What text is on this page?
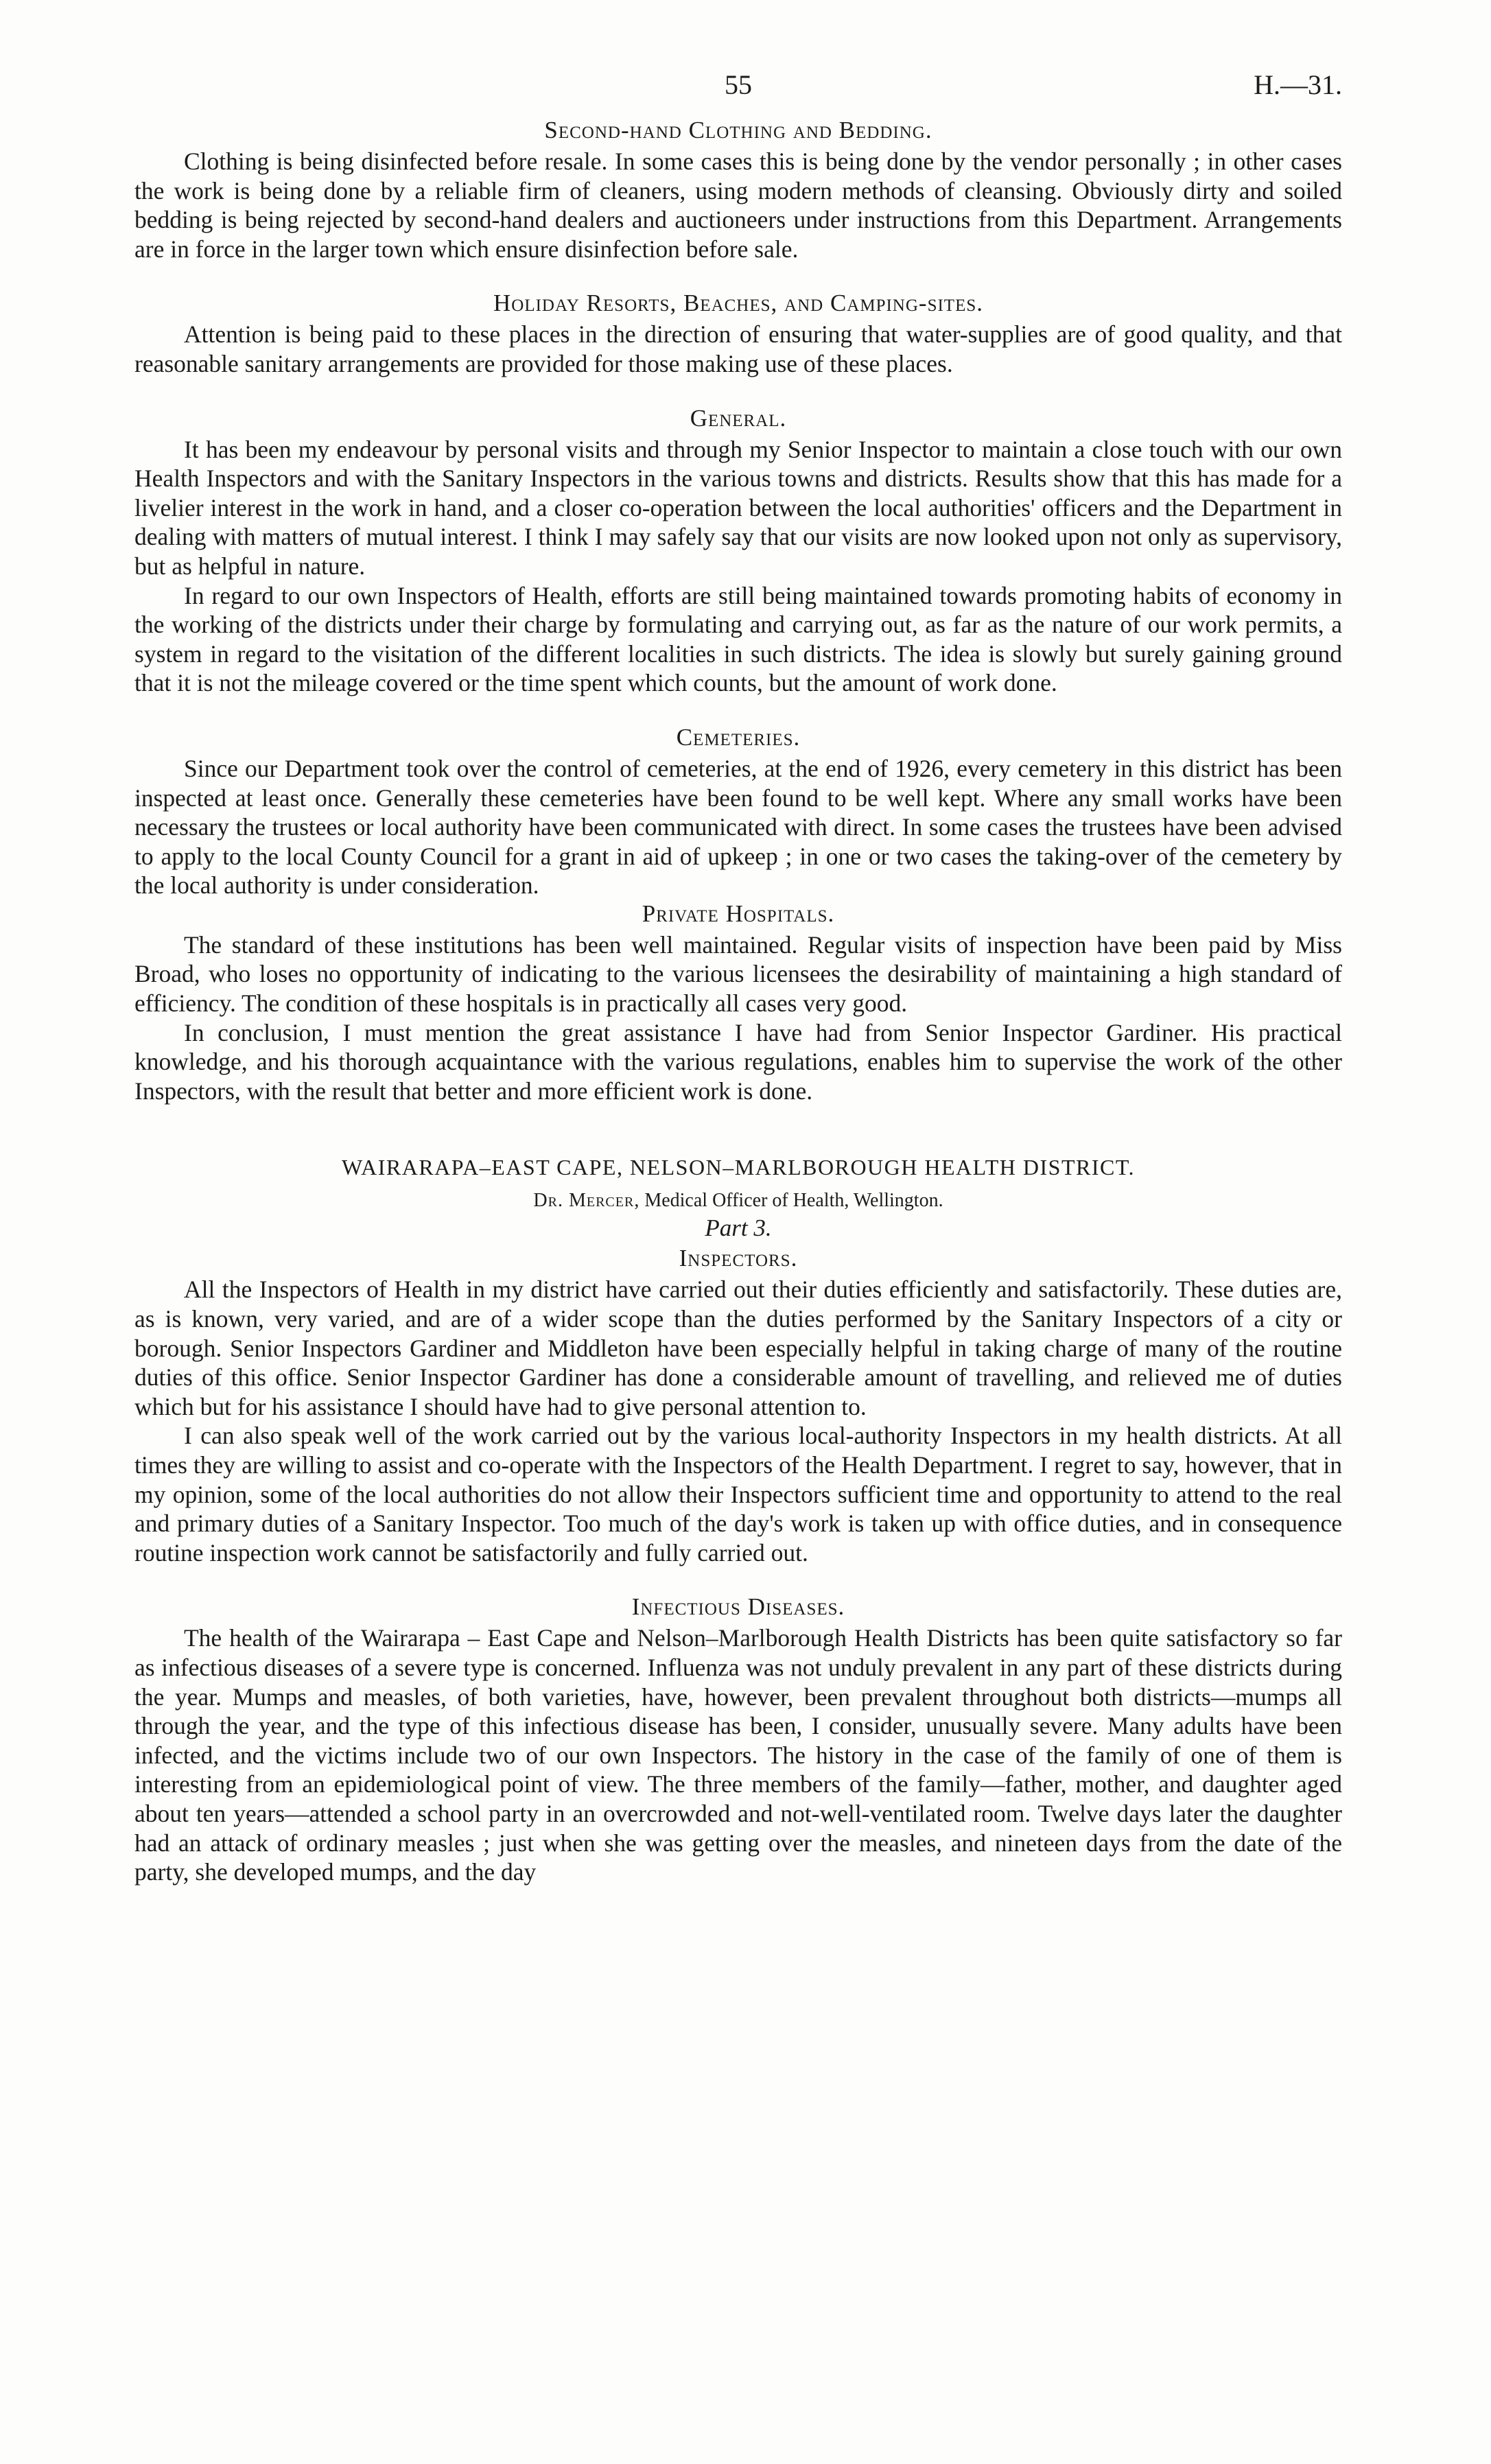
55	H.—31.
Second-hand Clothing and Bedding.

Clothing is being disinfected before resale. In some cases this is being done by the vendor personally ; in other cases the work is being done by a reliable firm of cleaners, using modern methods of cleansing. Obviously dirty and soiled bedding is being rejected by second-hand dealers and auctioneers under instructions from this Department. Arrangements are in force in the larger town which ensure disinfection before sale.

Holiday Resorts, Beaches, and Camping-sites.

Attention is being paid to these places in the direction of ensuring that water-supplies are of good quality, and that reasonable sanitary arrangements are provided for those making use of these places.

General.

It has been my endeavour by personal visits and through my Senior Inspector to maintain a close touch with our own Health Inspectors and with the Sanitary Inspectors in the various towns and districts. Results show that this has made for a livelier interest in the work in hand, and a closer co-operation between the local authorities' officers and the Department in dealing with matters of mutual interest. I think I may safely say that our visits are now looked upon not only as supervisory, but as helpful in nature.

In regard to our own Inspectors of Health, efforts are still being maintained towards promoting habits of economy in the working of the districts under their charge by formulating and carrying out, as far as the nature of our work permits, a system in regard to the visitation of the different localities in such districts. The idea is slowly but surely gaining ground that it is not the mileage covered or the time spent which counts, but the amount of work done.

Cemeteries.

Since our Department took over the control of cemeteries, at the end of 1926, every cemetery in this district has been inspected at least once. Generally these cemeteries have been found to be well kept. Where any small works have been necessary the trustees or local authority have been communicated with direct. In some cases the trustees have been advised to apply to the local County Council for a grant in aid of upkeep ; in one or two cases the taking-over of the cemetery by the local authority is under consideration.

Private Hospitals.

The standard of these institutions has been well maintained. Regular visits of inspection have been paid by Miss Broad, who loses no opportunity of indicating to the various licensees the desirability of maintaining a high standard of efficiency. The condition of these hospitals is in practically all cases very good.

In conclusion, I must mention the great assistance I have had from Senior Inspector Gardiner. His practical knowledge, and his thorough acquaintance with the various regulations, enables him to supervise the work of the other Inspectors, with the result that better and more efficient work is done.

WAIRARAPA–EAST CAPE, NELSON–MARLBOROUGH HEALTH DISTRICT.
Dr. Mercer, Medical Officer of Health, Wellington.
Part 3.
Inspectors.

All the Inspectors of Health in my district have carried out their duties efficiently and satisfactorily. These duties are, as is known, very varied, and are of a wider scope than the duties performed by the Sanitary Inspectors of a city or borough. Senior Inspectors Gardiner and Middleton have been especially helpful in taking charge of many of the routine duties of this office. Senior Inspector Gardiner has done a considerable amount of travelling, and relieved me of duties which but for his assistance I should have had to give personal attention to.

I can also speak well of the work carried out by the various local-authority Inspectors in my health districts. At all times they are willing to assist and co-operate with the Inspectors of the Health Department. I regret to say, however, that in my opinion, some of the local authorities do not allow their Inspectors sufficient time and opportunity to attend to the real and primary duties of a Sanitary Inspector. Too much of the day's work is taken up with office duties, and in consequence routine inspection work cannot be satisfactorily and fully carried out.

Infectious Diseases.

The health of the Wairarapa – East Cape and Nelson–Marlborough Health Districts has been quite satisfactory so far as infectious diseases of a severe type is concerned. Influenza was not unduly prevalent in any part of these districts during the year. Mumps and measles, of both varieties, have, however, been prevalent throughout both districts—mumps all through the year, and the type of this infectious disease has been, I consider, unusually severe. Many adults have been infected, and the victims include two of our own Inspectors. The history in the case of the family of one of them is interesting from an epidemiological point of view. The three members of the family—father, mother, and daughter aged about ten years—attended a school party in an overcrowded and not-well-ventilated room. Twelve days later the daughter had an attack of ordinary measles ; just when she was getting over the measles, and nineteen days from the date of the party, she developed mumps, and the day
